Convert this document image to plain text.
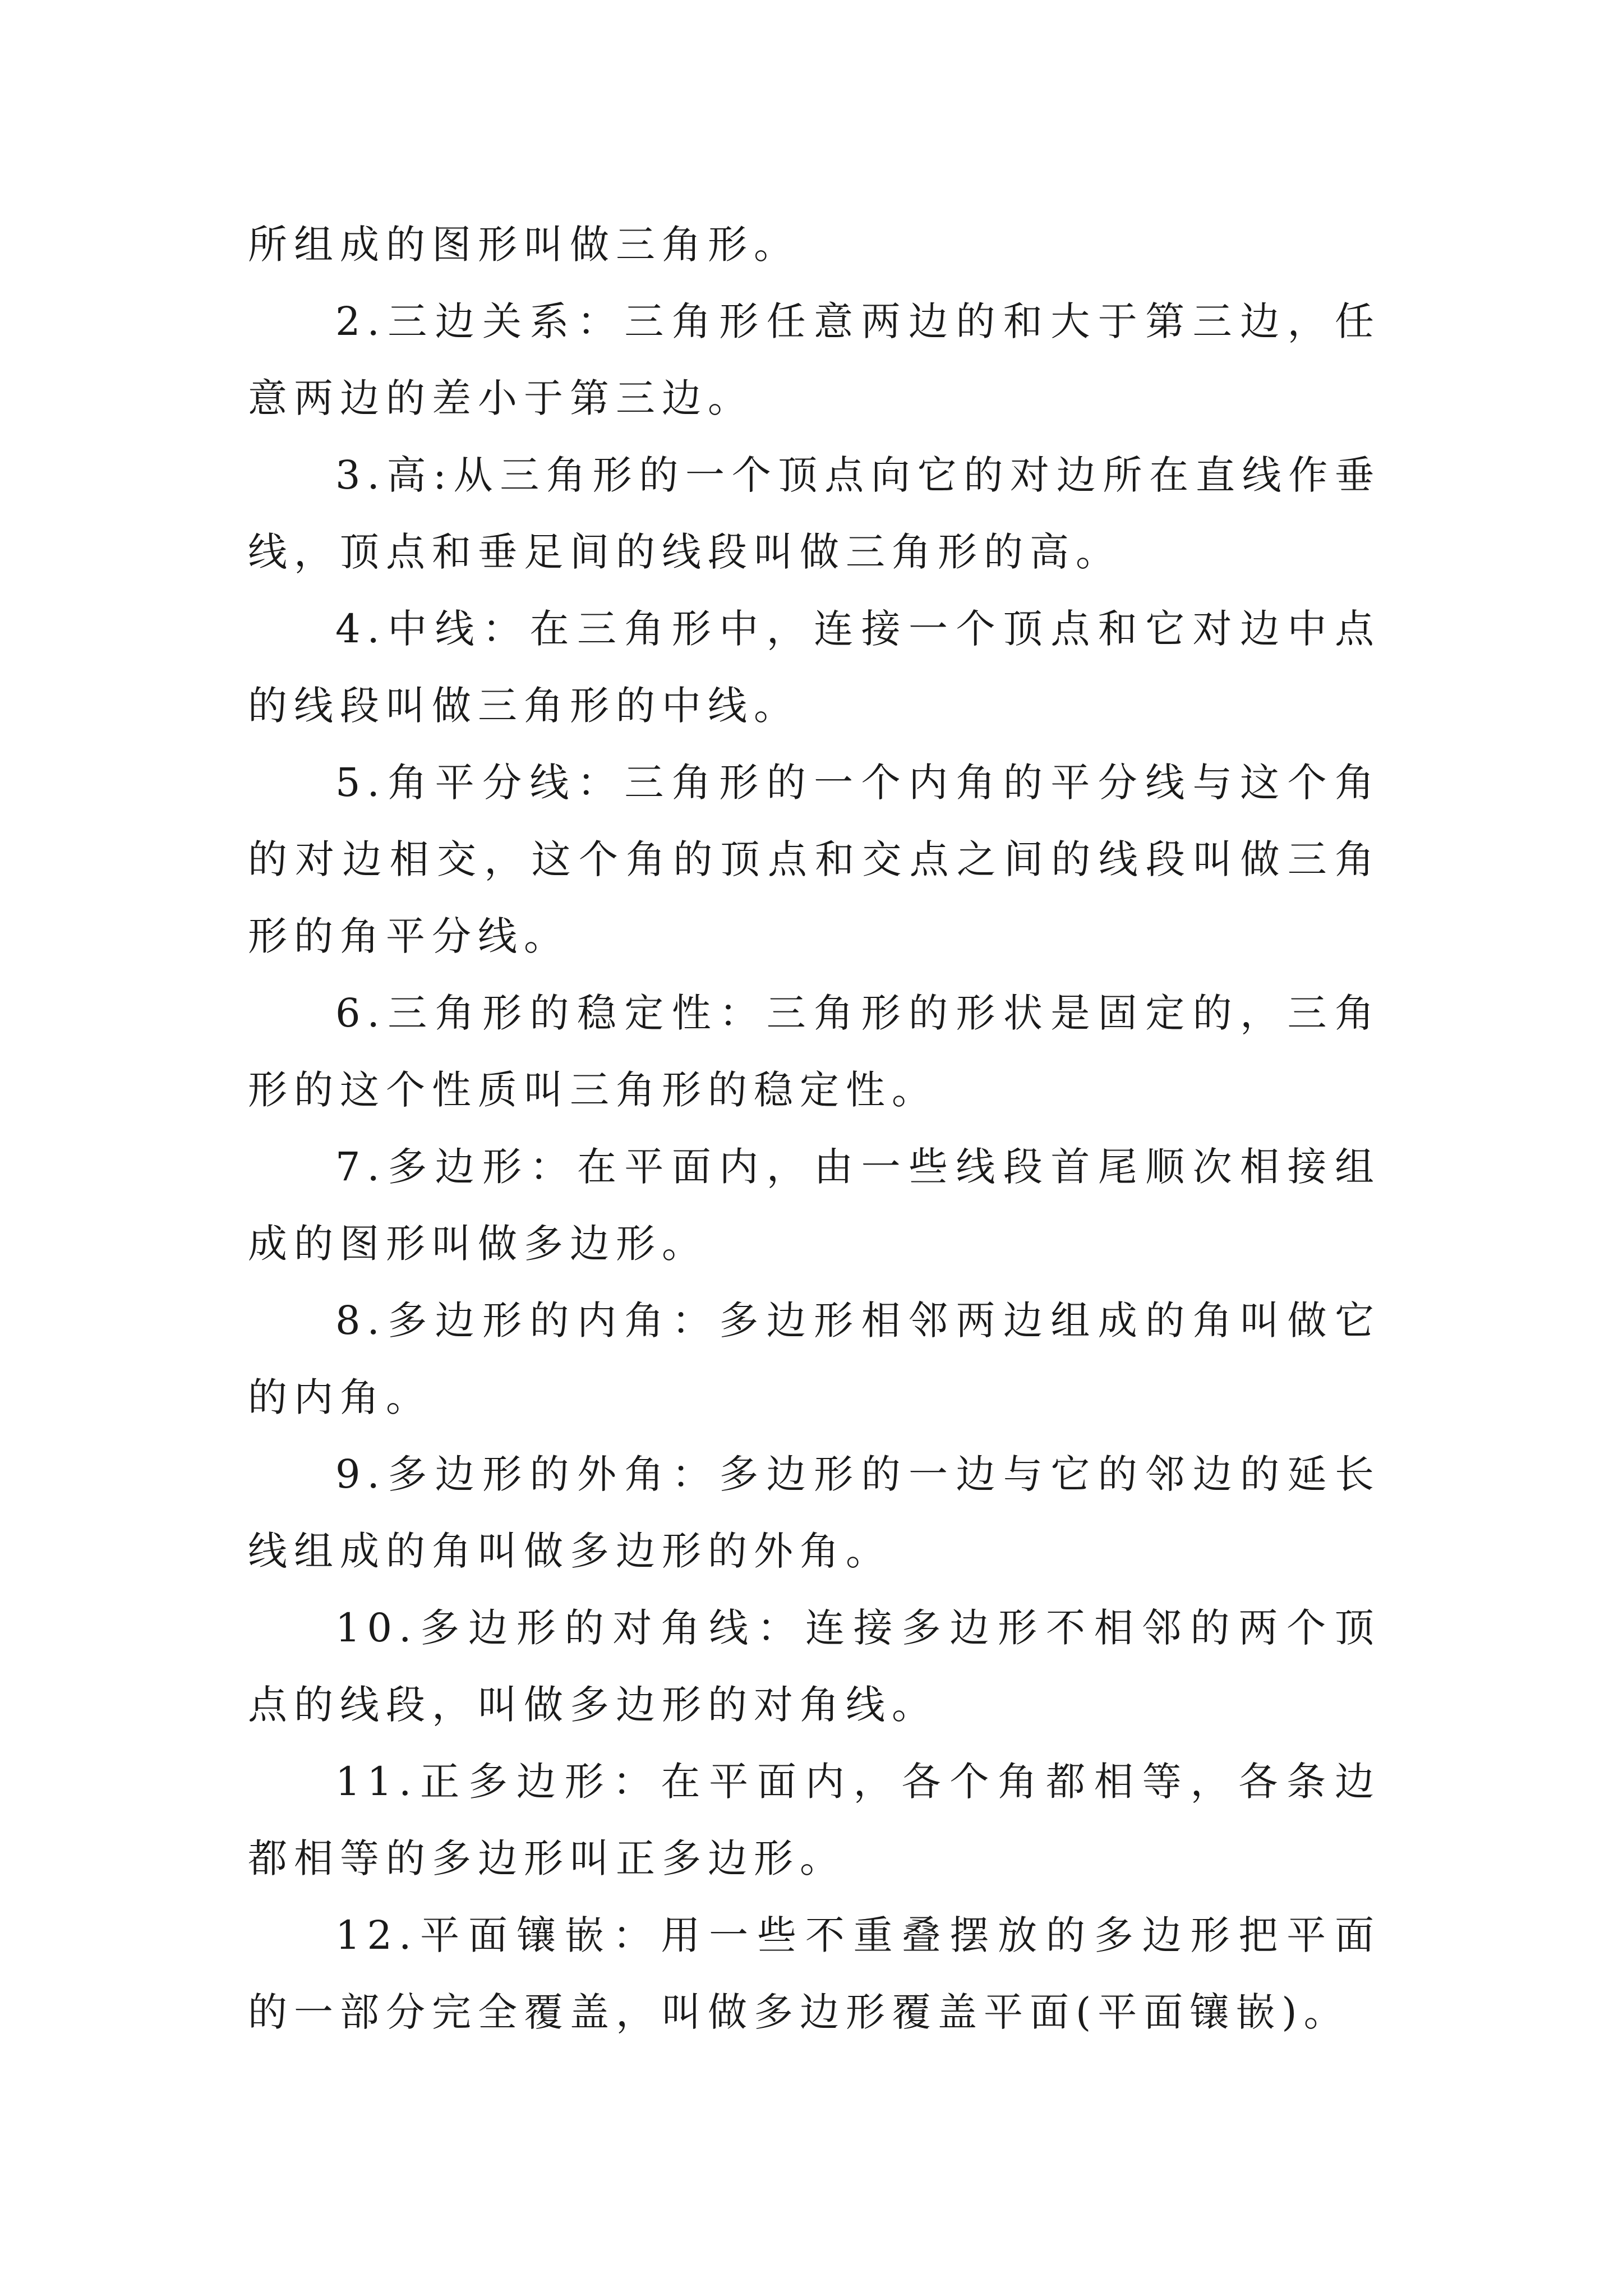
所组成的图形叫做三角形。

2.三边关系：三角形任意两边的和大于第三边，任意两边的差小于第三边。

3.高:从三角形的一个顶点向它的对边所在直线作垂线，顶点和垂足间的线段叫做三角形的高。

4.中线：在三角形中，连接一个顶点和它对边中点的线段叫做三角形的中线。

5.角平分线：三角形的一个内角的平分线与这个角的对边相交，这个角的顶点和交点之间的线段叫做三角形的角平分线。

6.三角形的稳定性：三角形的形状是固定的，三角形的这个性质叫三角形的稳定性。

7.多边形：在平面内，由一些线段首尾顺次相接组成的图形叫做多边形。

8.多边形的内角：多边形相邻两边组成的角叫做它的内角。

9.多边形的外角：多边形的一边与它的邻边的延长线组成的角叫做多边形的外角。

10.多边形的对角线：连接多边形不相邻的两个顶点的线段，叫做多边形的对角线。

11.正多边形：在平面内，各个角都相等，各条边都相等的多边形叫正多边形。

12.平面镶嵌：用一些不重叠摆放的多边形把平面的一部分完全覆盖，叫做多边形覆盖平面(平面镶嵌)。
